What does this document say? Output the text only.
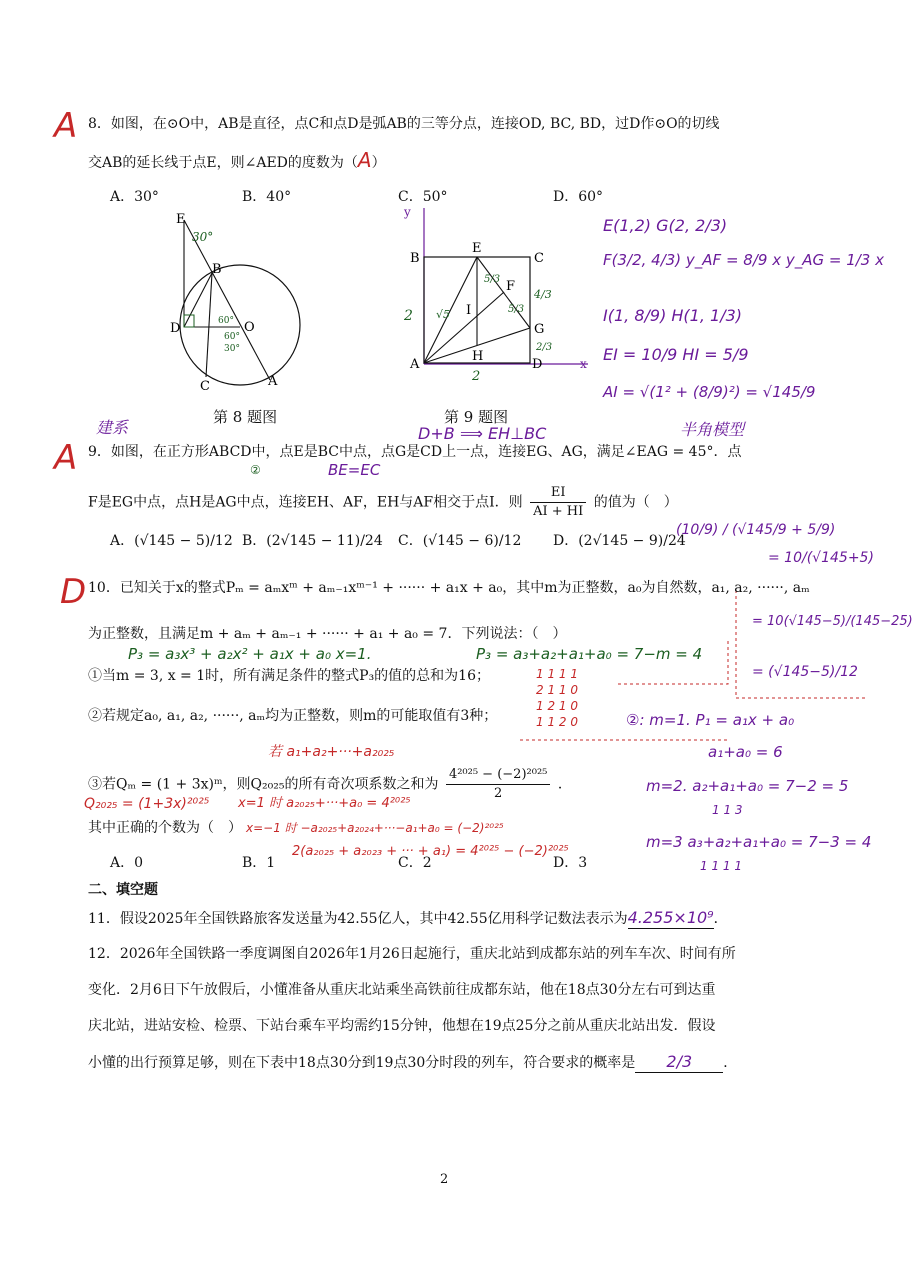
A 8．如图，在⊙O中，AB是直径，点C和点D是弧AB的三等分点，连接OD, BC, BD，过D作⊙O的切线
交AB的延长线于点E，则∠AED的度数为（A）
A．30°	B．40°	C．50°	D．60°
E
B
D	O
C	A
30°
60°
60°
30°
第 8 题图
B
E
C
F
I
G
H
A	D	x
y
2 √5
5/3
5/3
4/3
2/3
2
第 9 题图
E(1,2) G(2, 2/3)
F(3/2, 4/3) y_AF = 8/9 x y_AG = 1/3 x
I(1, 8/9) H(1, 1/3)
EI = 10/9 HI = 5/9
AI = √(1² + (8/9)²) = √145/9
建系	D+B ⟹ EH⊥BC	半角模型
A 9．如图，在正方形ABCD中，点E是BC中点，点G是CD上一点，连接EG、AG，满足∠EAG = 45°．点
BE=EC
②
F是EG中点，点H是AG中点，连接EH、AF，EH与AF相交于点I．则 $\frac{EI}{AI + HI}$ 的值为（　）
A．(√145 − 5)/12 B．(2√145 − 11)/24 C．(√145 − 6)/12 D．(2√145 − 9)/24
(10/9) / (√145/9 + 5/9)
= 10/(√145+5)
= 10(√145−5)/(145−25)
= (√145−5)/12
D 10．已知关于x的整式Pₘ = aₘxᵐ + aₘ₋₁xᵐ⁻¹ + ······ + a₁x + a₀，其中m为正整数，a₀为自然数，a₁, a₂, ······, aₘ
为正整数，且满足m + aₘ + aₘ₋₁ + ······ + a₁ + a₀ = 7．下列说法：（　）
P₃ = a₃x³ + a₂x² + a₁x + a₀ x=1.	P₃ = a₃+a₂+a₁+a₀ = 7−m = 4
①当m = 3, x = 1时，所有满足条件的整式P₃的值的总和为16；	1 1 1 1
2 1 1 0
②若规定a₀, a₁, a₂, ······, aₘ均为正整数，则m的可能取值有3种；
1 2 1 0
1 1 2 0	②: m=1. P₁ = a₁x + a₀
a₁+a₀ = 6
m=2. a₂+a₁+a₀ = 7−2 = 5
1 1 3
m=3 a₃+a₂+a₁+a₀ = 7−3 = 4
1 1 1 1
若 a₁+a₂+···+a₂₀₂₅
③若Qₘ = (1 + 3x)ᵐ，则Q₂₀₂₅的所有奇次项系数之和为 $\frac{\text{4²⁰²⁵ − (−2)²⁰²⁵}}{2}$ ．
Q₂₀₂₅ = (1+3x)²⁰²⁵ x=1 时 a₂₀₂₅+···+a₀ = 4²⁰²⁵
其中正确的个数为（　） x=−1 时 −a₂₀₂₅+a₂₀₂₄+···−a₁+a₀ = (−2)²⁰²⁵
2(a₂₀₂₅ + a₂₀₂₃ + ··· + a₁) = 4²⁰²⁵ − (−2)²⁰²⁵
A．0	B．1	C．2	D．3
二、填空题
11．假设2025年全国铁路旅客发送量为42.55亿人，其中42.55亿用科学记数法表示为4.255×10⁹．
12．2026年全国铁路一季度调图自2026年1月26日起施行，重庆北站到成都东站的列车车次、时间有所
变化．2月6日下午放假后，小懂准备从重庆北站乘坐高铁前往成都东站，他在18点30分左右可到达重
庆北站，进站安检、检票、下站台乘车平均需约15分钟，他想在19点25分之前从重庆北站出发．假设
小懂的出行预算足够，则在下表中18点30分到19点30分时段的列车，符合要求的概率是 2/3 ．
2
